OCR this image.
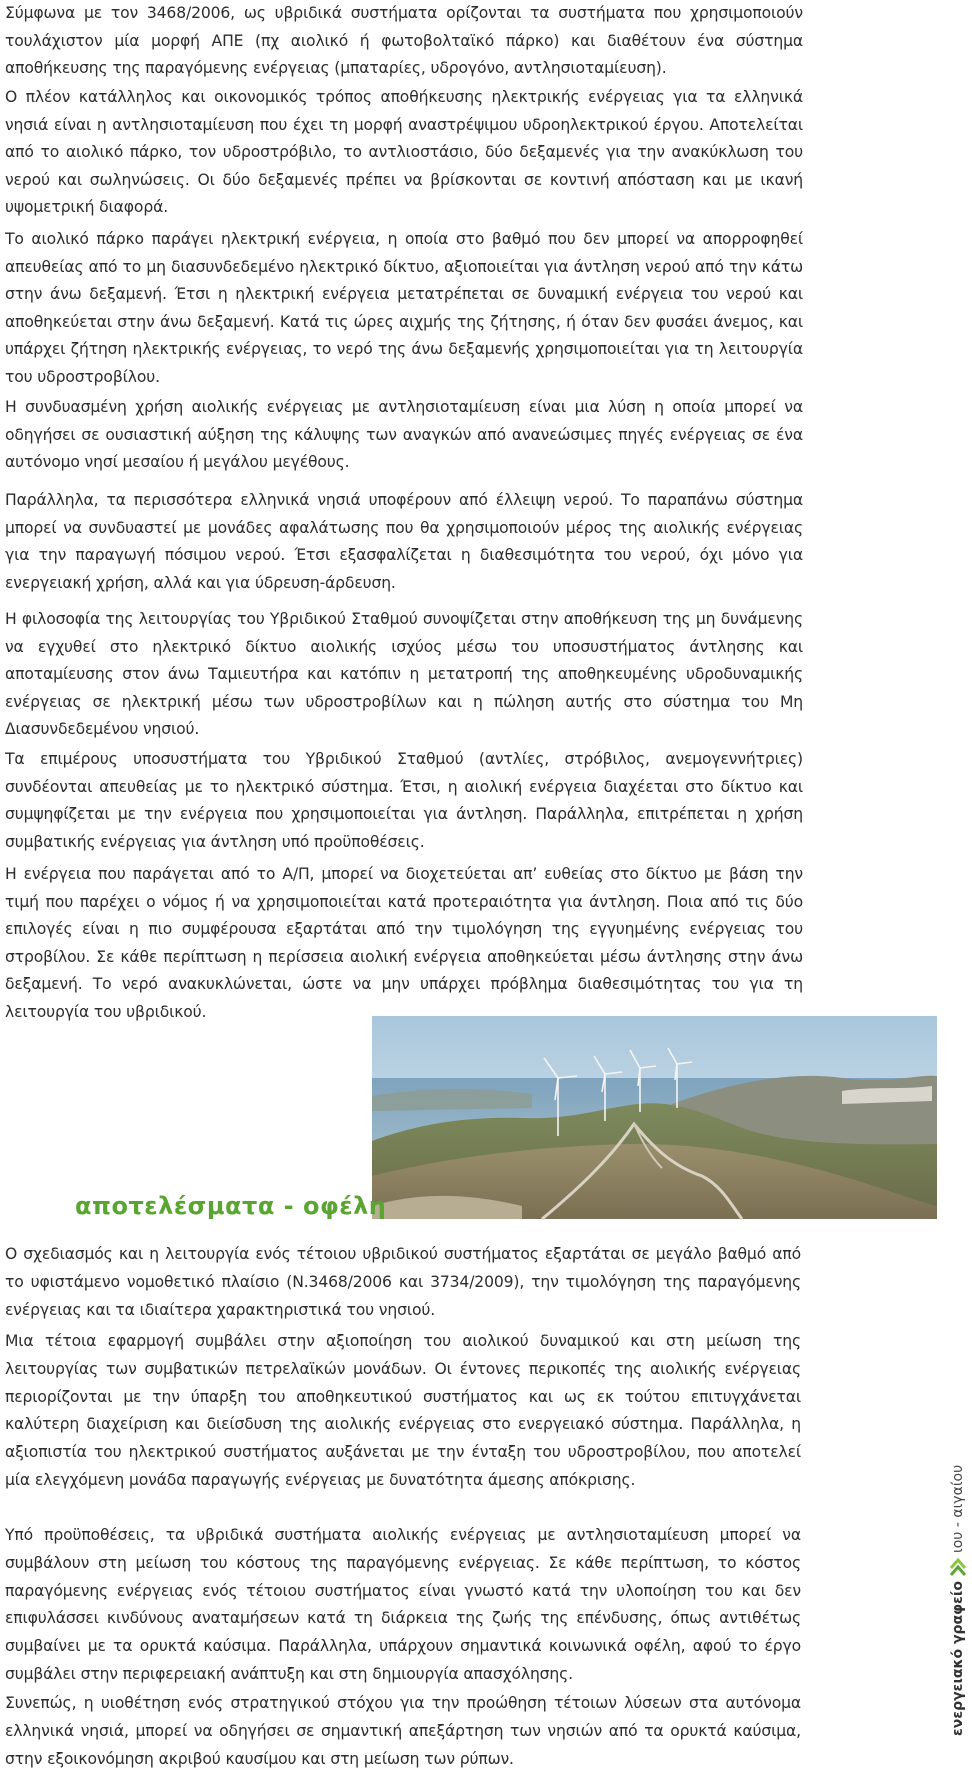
Σύμφωνα με τον 3468/2006, ως υβριδικά συστήματα ορίζονται τα συστήματα που χρησιμοποιούν τουλάχιστον μία μορφή ΑΠΕ (πχ αιολικό ή φωτοβολταϊκό πάρκο) και διαθέτουν ένα σύστημα αποθήκευσης της παραγόμενης ενέργειας (μπαταρίες, υδρογόνο, αντλησιοταμίευση).

Ο πλέον κατάλληλος και οικονομικός τρόπος αποθήκευσης ηλεκτρικής ενέργειας για τα ελληνικά νησιά είναι η αντλησιοταμίευση που έχει τη μορφή αναστρέψιμου υδροηλεκτρικού έργου. Αποτελείται από το αιολικό πάρκο, τον υδροστρόβιλο, το αντλιοστάσιο, δύο δεξαμενές για την ανακύκλωση του νερού και σωληνώσεις. Οι δύο δεξαμενές πρέπει να βρίσκονται σε κοντινή απόσταση και με ικανή υψομετρική διαφορά.

Το αιολικό πάρκο παράγει ηλεκτρική ενέργεια, η οποία στο βαθμό που δεν μπορεί να απορροφηθεί απευθείας από το μη διασυνδεδεμένο ηλεκτρικό δίκτυο, αξιοποιείται για άντληση νερού από την κάτω στην άνω δεξαμενή. Έτσι η ηλεκτρική ενέργεια μετατρέπεται σε δυναμική ενέργεια του νερού και αποθηκεύεται στην άνω δεξαμενή. Κατά τις ώρες αιχμής της ζήτησης, ή όταν δεν φυσάει άνεμος, και υπάρχει ζήτηση ηλεκτρικής ενέργειας, το νερό της άνω δεξαμενής χρησιμοποιείται για τη λειτουργία του υδροστροβίλου.

Η συνδυασμένη χρήση αιολικής ενέργειας με αντλησιοταμίευση είναι μια λύση η οποία μπορεί να οδηγήσει σε ουσιαστική αύξηση της κάλυψης των αναγκών από ανανεώσιμες πηγές ενέργειας σε ένα αυτόνομο νησί μεσαίου ή μεγάλου μεγέθους.

Παράλληλα, τα περισσότερα ελληνικά νησιά υποφέρουν από έλλειψη νερού. Το παραπάνω σύστημα μπορεί να συνδυαστεί με μονάδες αφαλάτωσης που θα χρησιμοποιούν μέρος της αιολικής ενέργειας για την παραγωγή πόσιμου νερού. Έτσι εξασφαλίζεται η διαθεσιμότητα του νερού, όχι μόνο για ενεργειακή χρήση, αλλά και για ύδρευση-άρδευση.

Η φιλοσοφία της λειτουργίας του Υβριδικού Σταθμού συνοψίζεται στην αποθήκευση της μη δυνάμενης να εγχυθεί στο ηλεκτρικό δίκτυο αιολικής ισχύος μέσω του υποσυστήματος άντλησης και αποταμίευσης στον άνω Ταμιευτήρα και κατόπιν η μετατροπή της αποθηκευμένης υδροδυναμικής ενέργειας σε ηλεκτρική μέσω των υδροστροβίλων και η πώληση αυτής στο σύστημα του Μη Διασυνδεδεμένου νησιού.

Τα επιμέρους υποσυστήματα του Υβριδικού Σταθμού (αντλίες, στρόβιλος, ανεμογεννήτριες) συνδέονται απευθείας με το ηλεκτρικό σύστημα. Έτσι, η αιολική ενέργεια διαχέεται στο δίκτυο και συμψηφίζεται με την ενέργεια που χρησιμοποιείται για άντληση. Παράλληλα, επιτρέπεται η χρήση συμβατικής ενέργειας για άντληση υπό προϋποθέσεις.

Η ενέργεια που παράγεται από το Α/Π, μπορεί να διοχετεύεται απ’ ευθείας στο δίκτυο με βάση την τιμή που παρέχει ο νόμος ή να χρησιμοποιείται κατά προτεραιότητα για άντληση. Ποια από τις δύο επιλογές είναι η πιο συμφέρουσα εξαρτάται από την τιμολόγηση της εγγυημένης ενέργειας του στροβίλου. Σε κάθε περίπτωση η περίσσεια αιολική ενέργεια αποθηκεύεται μέσω άντλησης στην άνω δεξαμενή. Το νερό ανακυκλώνεται, ώστε να μην υπάρχει πρόβλημα διαθεσιμότητας του για τη λειτουργία του υβριδικού.

αποτελέσματα - οφέλη

Ο σχεδιασμός και η λειτουργία ενός τέτοιου υβριδικού συστήματος εξαρτάται σε μεγάλο βαθμό από το υφιστάμενο νομοθετικό πλαίσιο (Ν.3468/2006 και 3734/2009), την τιμολόγηση της παραγόμενης ενέργειας και τα ιδιαίτερα χαρακτηριστικά του νησιού.

Μια τέτοια εφαρμογή συμβάλει στην αξιοποίηση του αιολικού δυναμικού και στη μείωση της λειτουργίας των συμβατικών πετρελαϊκών μονάδων. Οι έντονες περικοπές της αιολικής ενέργειας περιορίζονται με την ύπαρξη του αποθηκευτικού συστήματος και ως εκ τούτου επιτυγχάνεται καλύτερη διαχείριση και διείσδυση της αιολικής ενέργειας στο ενεργειακό σύστημα. Παράλληλα, η αξιοπιστία του ηλεκτρικού συστήματος αυξάνεται με την ένταξη του υδροστροβίλου, που αποτελεί μία ελεγχόμενη μονάδα παραγωγής ενέργειας με δυνατότητα άμεσης απόκρισης.

Υπό προϋποθέσεις, τα υβριδικά συστήματα αιολικής ενέργειας με αντλησιοταμίευση μπορεί να συμβάλουν στη μείωση του κόστους της παραγόμενης ενέργειας. Σε κάθε περίπτωση, το κόστος παραγόμενης ενέργειας ενός τέτοιου συστήματος είναι γνωστό κατά την υλοποίηση του και δεν επιφυλάσσει κινδύνους αναταμήσεων κατά τη διάρκεια της ζωής της επένδυσης, όπως αντιθέτως συμβαίνει με τα ορυκτά καύσιμα. Παράλληλα, υπάρχουν σημαντικά κοινωνικά οφέλη, αφού το έργο συμβάλει στην περιφερειακή ανάπτυξη και στη δημιουργία απασχόλησης.

Συνεπώς, η υιοθέτηση ενός στρατηγικού στόχου για την προώθηση τέτοιων λύσεων στα αυτόνομα ελληνικά νησιά, μπορεί να οδηγήσει σε σημαντική απεξάρτηση των νησιών από τα ορυκτά καύσιμα, στην εξοικονόμηση ακριβού καυσίμου και στη μείωση των ρύπων.

ενεργειακό γραφείο
ιου - αιγαίου
